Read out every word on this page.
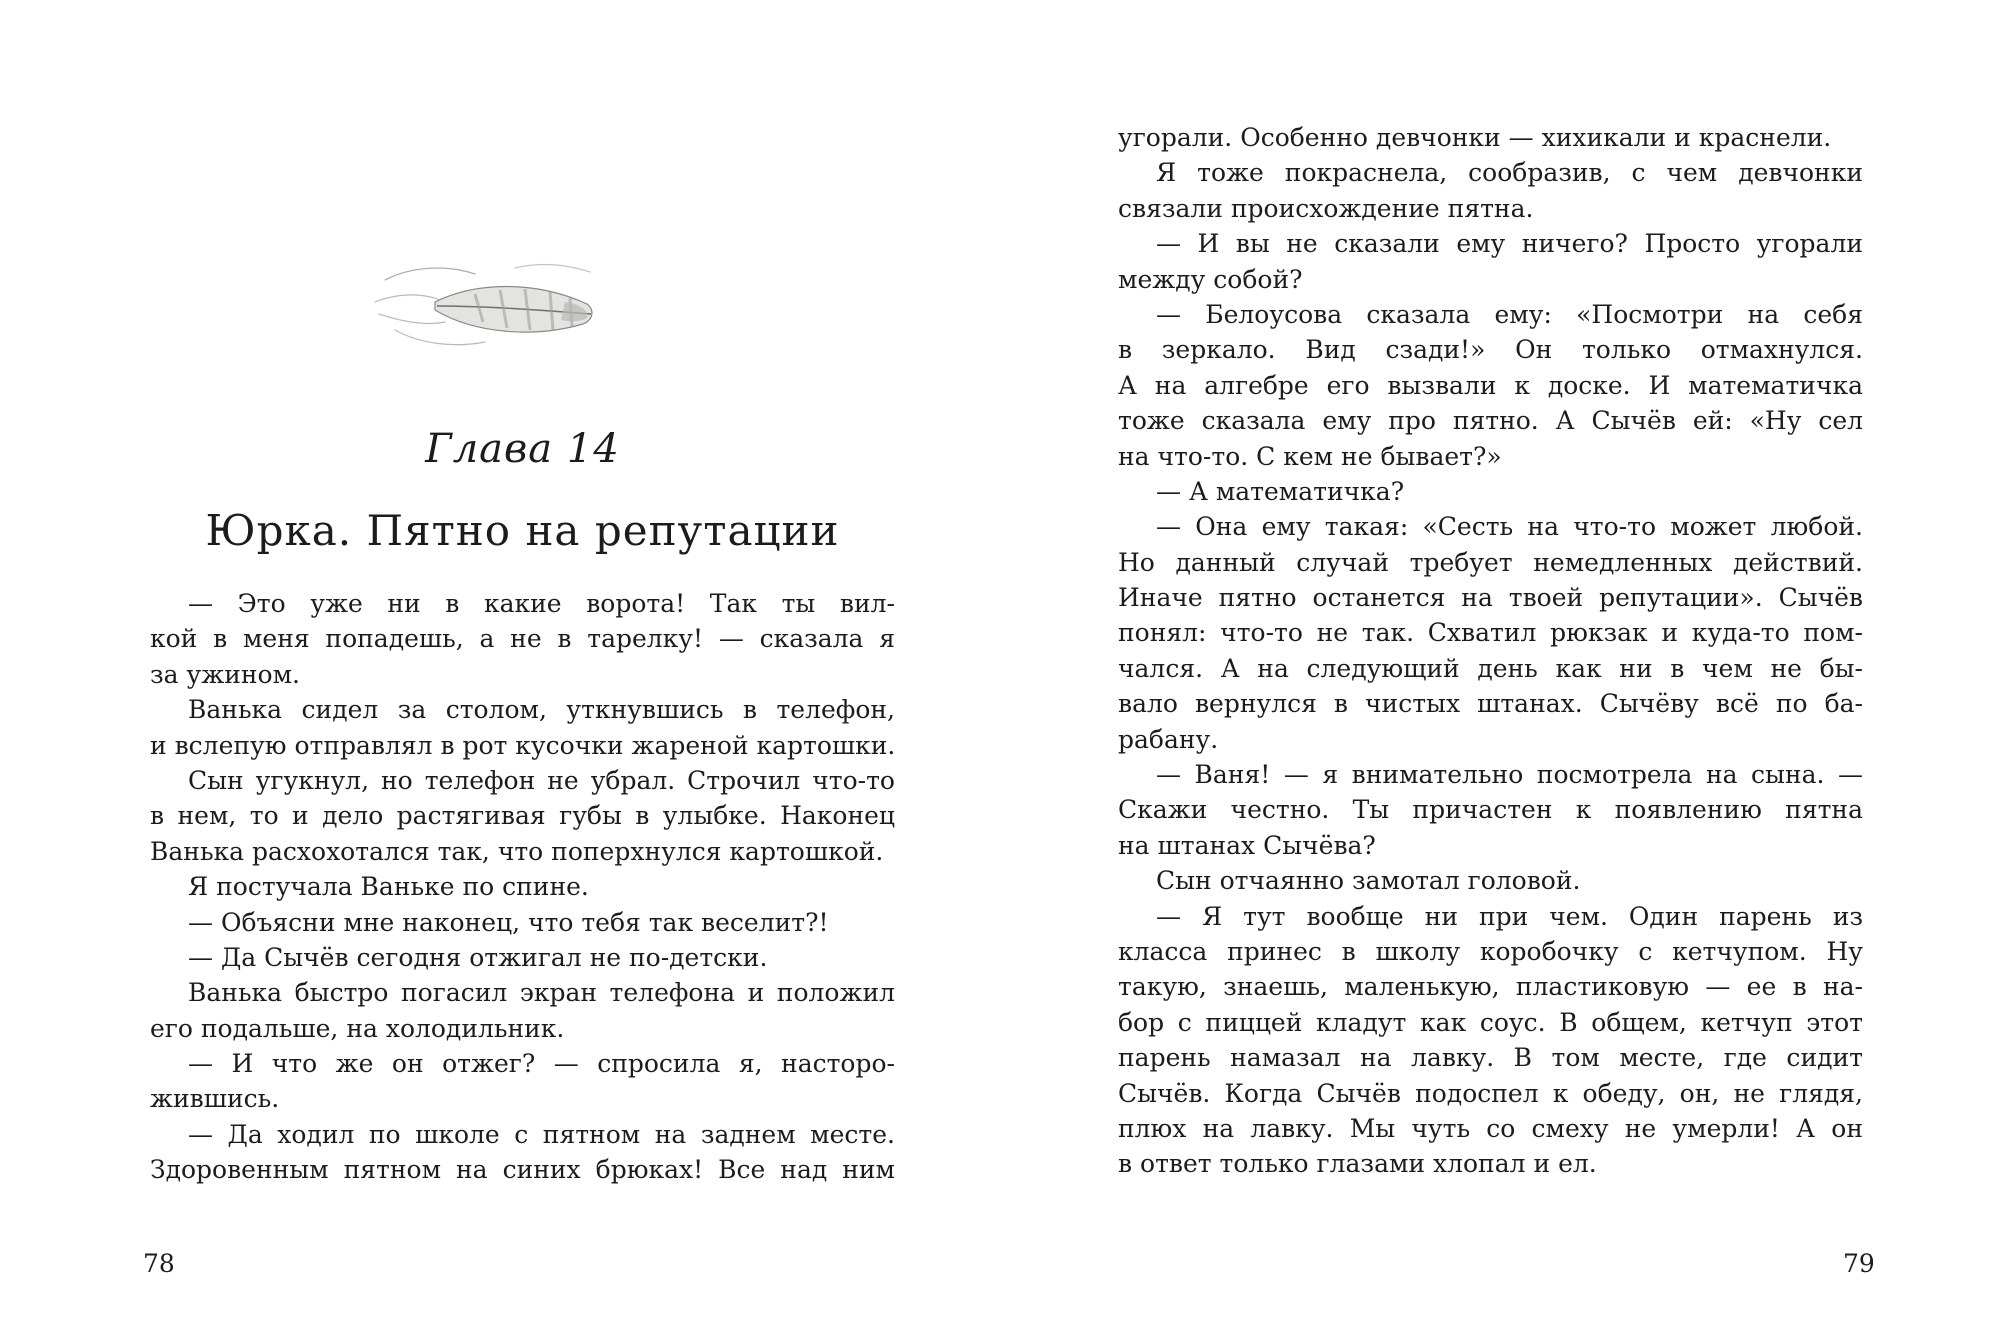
Глава 14
Юрка. Пятно на репутации
— Это уже ни в какие ворота! Так ты вил-
кой в меня попадешь, а не в тарелку! — сказала я
за ужином.
Ванька сидел за столом, уткнувшись в телефон,
и вслепую отправлял в рот кусочки жареной картошки.
Сын угукнул, но телефон не убрал. Строчил что-то
в нем, то и дело растягивая губы в улыбке. Наконец
Ванька расхохотался так, что поперхнулся картошкой.
Я постучала Ваньке по спине.
— Объясни мне наконец, что тебя так веселит?!
— Да Сычёв сегодня отжигал не по-детски.
Ванька быстро погасил экран телефона и положил
его подальше, на холодильник.
— И что же он отжег? — спросила я, насторо-
жившись.
— Да ходил по школе с пятном на заднем месте.
Здоровенным пятном на синих брюках! Все над ним
78
угорали. Особенно девчонки — хихикали и краснели.
Я тоже покраснела, сообразив, с чем девчонки
связали происхождение пятна.
— И вы не сказали ему ничего? Просто угорали
между собой?
— Белоусова сказала ему: «Посмотри на себя
в зеркало. Вид сзади!» Он только отмахнулся.
А на алгебре его вызвали к доске. И математичка
тоже сказала ему про пятно. А Сычёв ей: «Ну сел
на что-то. С кем не бывает?»
— А математичка?
— Она ему такая: «Сесть на что-то может любой.
Но данный случай требует немедленных действий.
Иначе пятно останется на твоей репутации». Сычёв
понял: что-то не так. Схватил рюкзак и куда-то пом-
чался. А на следующий день как ни в чем не бы-
вало вернулся в чистых штанах. Сычёву всё по ба-
рабану.
— Ваня! — я внимательно посмотрела на сына. —
Скажи честно. Ты причастен к появлению пятна
на штанах Сычёва?
Сын отчаянно замотал головой.
— Я тут вообще ни при чем. Один парень из
класса принес в школу коробочку с кетчупом. Ну
такую, знаешь, маленькую, пластиковую — ее в на-
бор с пиццей кладут как соус. В общем, кетчуп этот
парень намазал на лавку. В том месте, где сидит
Сычёв. Когда Сычёв подоспел к обеду, он, не глядя,
плюх на лавку. Мы чуть со смеху не умерли! А он
в ответ только глазами хлопал и ел.
79
